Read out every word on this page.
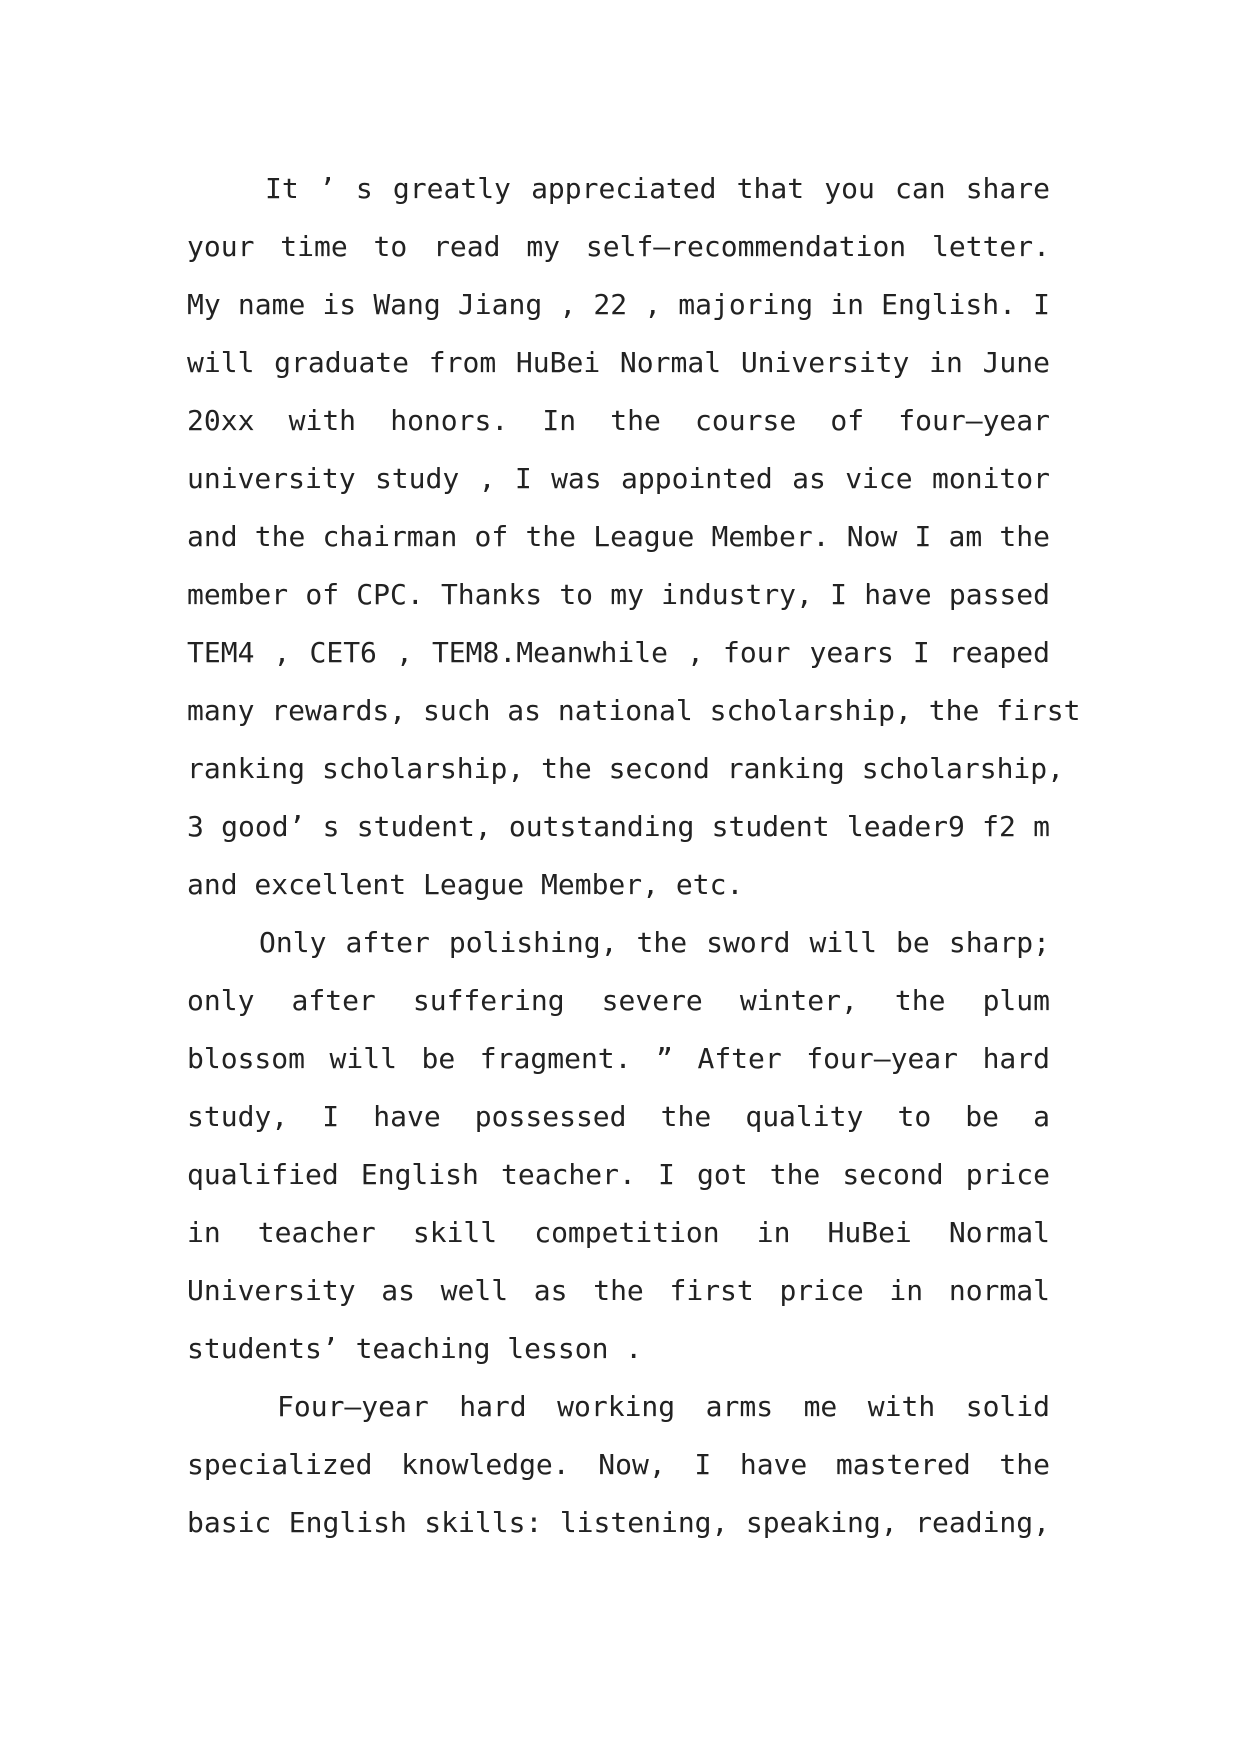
It ’ s greatly appreciated that you can share
your time to read my self—recommendation letter.
My name is Wang Jiang , 22 , majoring in English. I
will graduate from HuBei Normal University in June
20xx with honors. In the course of four—year
university study , I was appointed as vice monitor
and the chairman of the League Member. Now I am the
member of CPC. Thanks to my industry, I have passed
TEM4 , CET6 , TEM8.Meanwhile , four years I reaped
many rewards, such as national scholarship, the first
ranking scholarship, the second ranking scholarship,
3 good’ s student, outstanding student leader9 f2 m
and excellent League Member, etc.
Only after polishing, the sword will be sharp;
only after suffering severe winter, the plum
blossom will be fragment. ” After four—year hard
study, I have possessed the quality to be a
qualified English teacher. I got the second price
in teacher skill competition in HuBei Normal
University as well as the first price in normal
students’ teaching lesson .
Four—year hard working arms me with solid
specialized knowledge. Now, I have mastered the
basic English skills: listening, speaking, reading,
